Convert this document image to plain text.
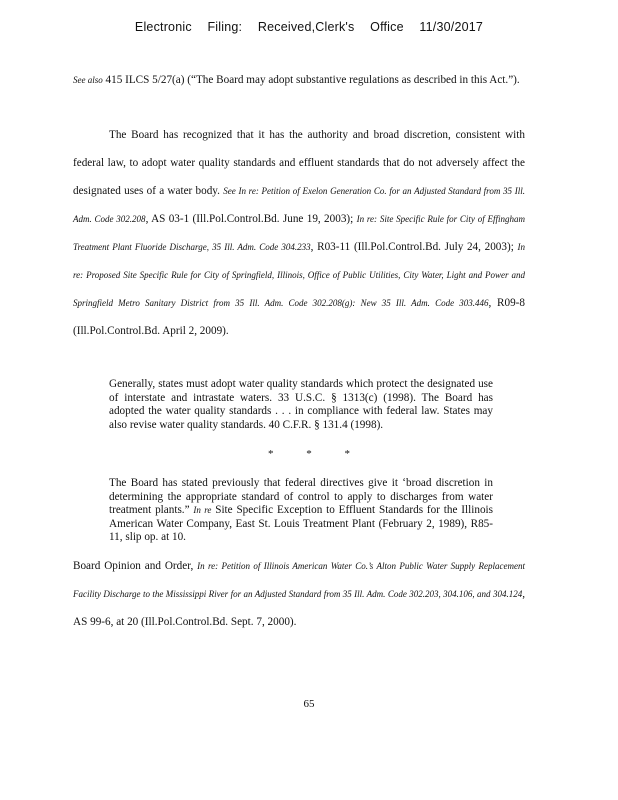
Electronic Filing: Received,Clerk's Office 11/30/2017

See also 415 ILCS 5/27(a) (“The Board may adopt substantive regulations as described in this Act.”).

The Board has recognized that it has the authority and broad discretion, consistent with federal law, to adopt water quality standards and effluent standards that do not adversely affect the designated uses of a water body. See In re: Petition of Exelon Generation Co. for an Adjusted Standard from 35 Ill. Adm. Code 302.208, AS 03-1 (Ill.Pol.Control.Bd. June 19, 2003); In re: Site Specific Rule for City of Effingham Treatment Plant Fluoride Discharge, 35 Ill. Adm. Code 304.233, R03-11 (Ill.Pol.Control.Bd. July 24, 2003); In re: Proposed Site Specific Rule for City of Springfield, Illinois, Office of Public Utilities, City Water, Light and Power and Springfield Metro Sanitary District from 35 Ill. Adm. Code 302.208(g): New 35 Ill. Adm. Code 303.446, R09-8 (Ill.Pol.Control.Bd. April 2, 2009).

Generally, states must adopt water quality standards which protect the designated use of interstate and intrastate waters. 33 U.S.C. § 1313(c) (1998). The Board has adopted the water quality standards . . . in compliance with federal law. States may also revise water quality standards. 40 C.F.R. § 131.4 (1998).
* * *
The Board has stated previously that federal directives give it ‘broad discretion in determining the appropriate standard of control to apply to discharges from water treatment plants.” In re Site Specific Exception to Effluent Standards for the Illinois American Water Company, East St. Louis Treatment Plant (February 2, 1989), R85-11, slip op. at 10.

Board Opinion and Order, In re: Petition of Illinois American Water Co.’s Alton Public Water Supply Replacement Facility Discharge to the Mississippi River for an Adjusted Standard from 35 Ill. Adm. Code 302.203, 304.106, and 304.124, AS 99-6, at 20 (Ill.Pol.Control.Bd. Sept. 7, 2000).

65
